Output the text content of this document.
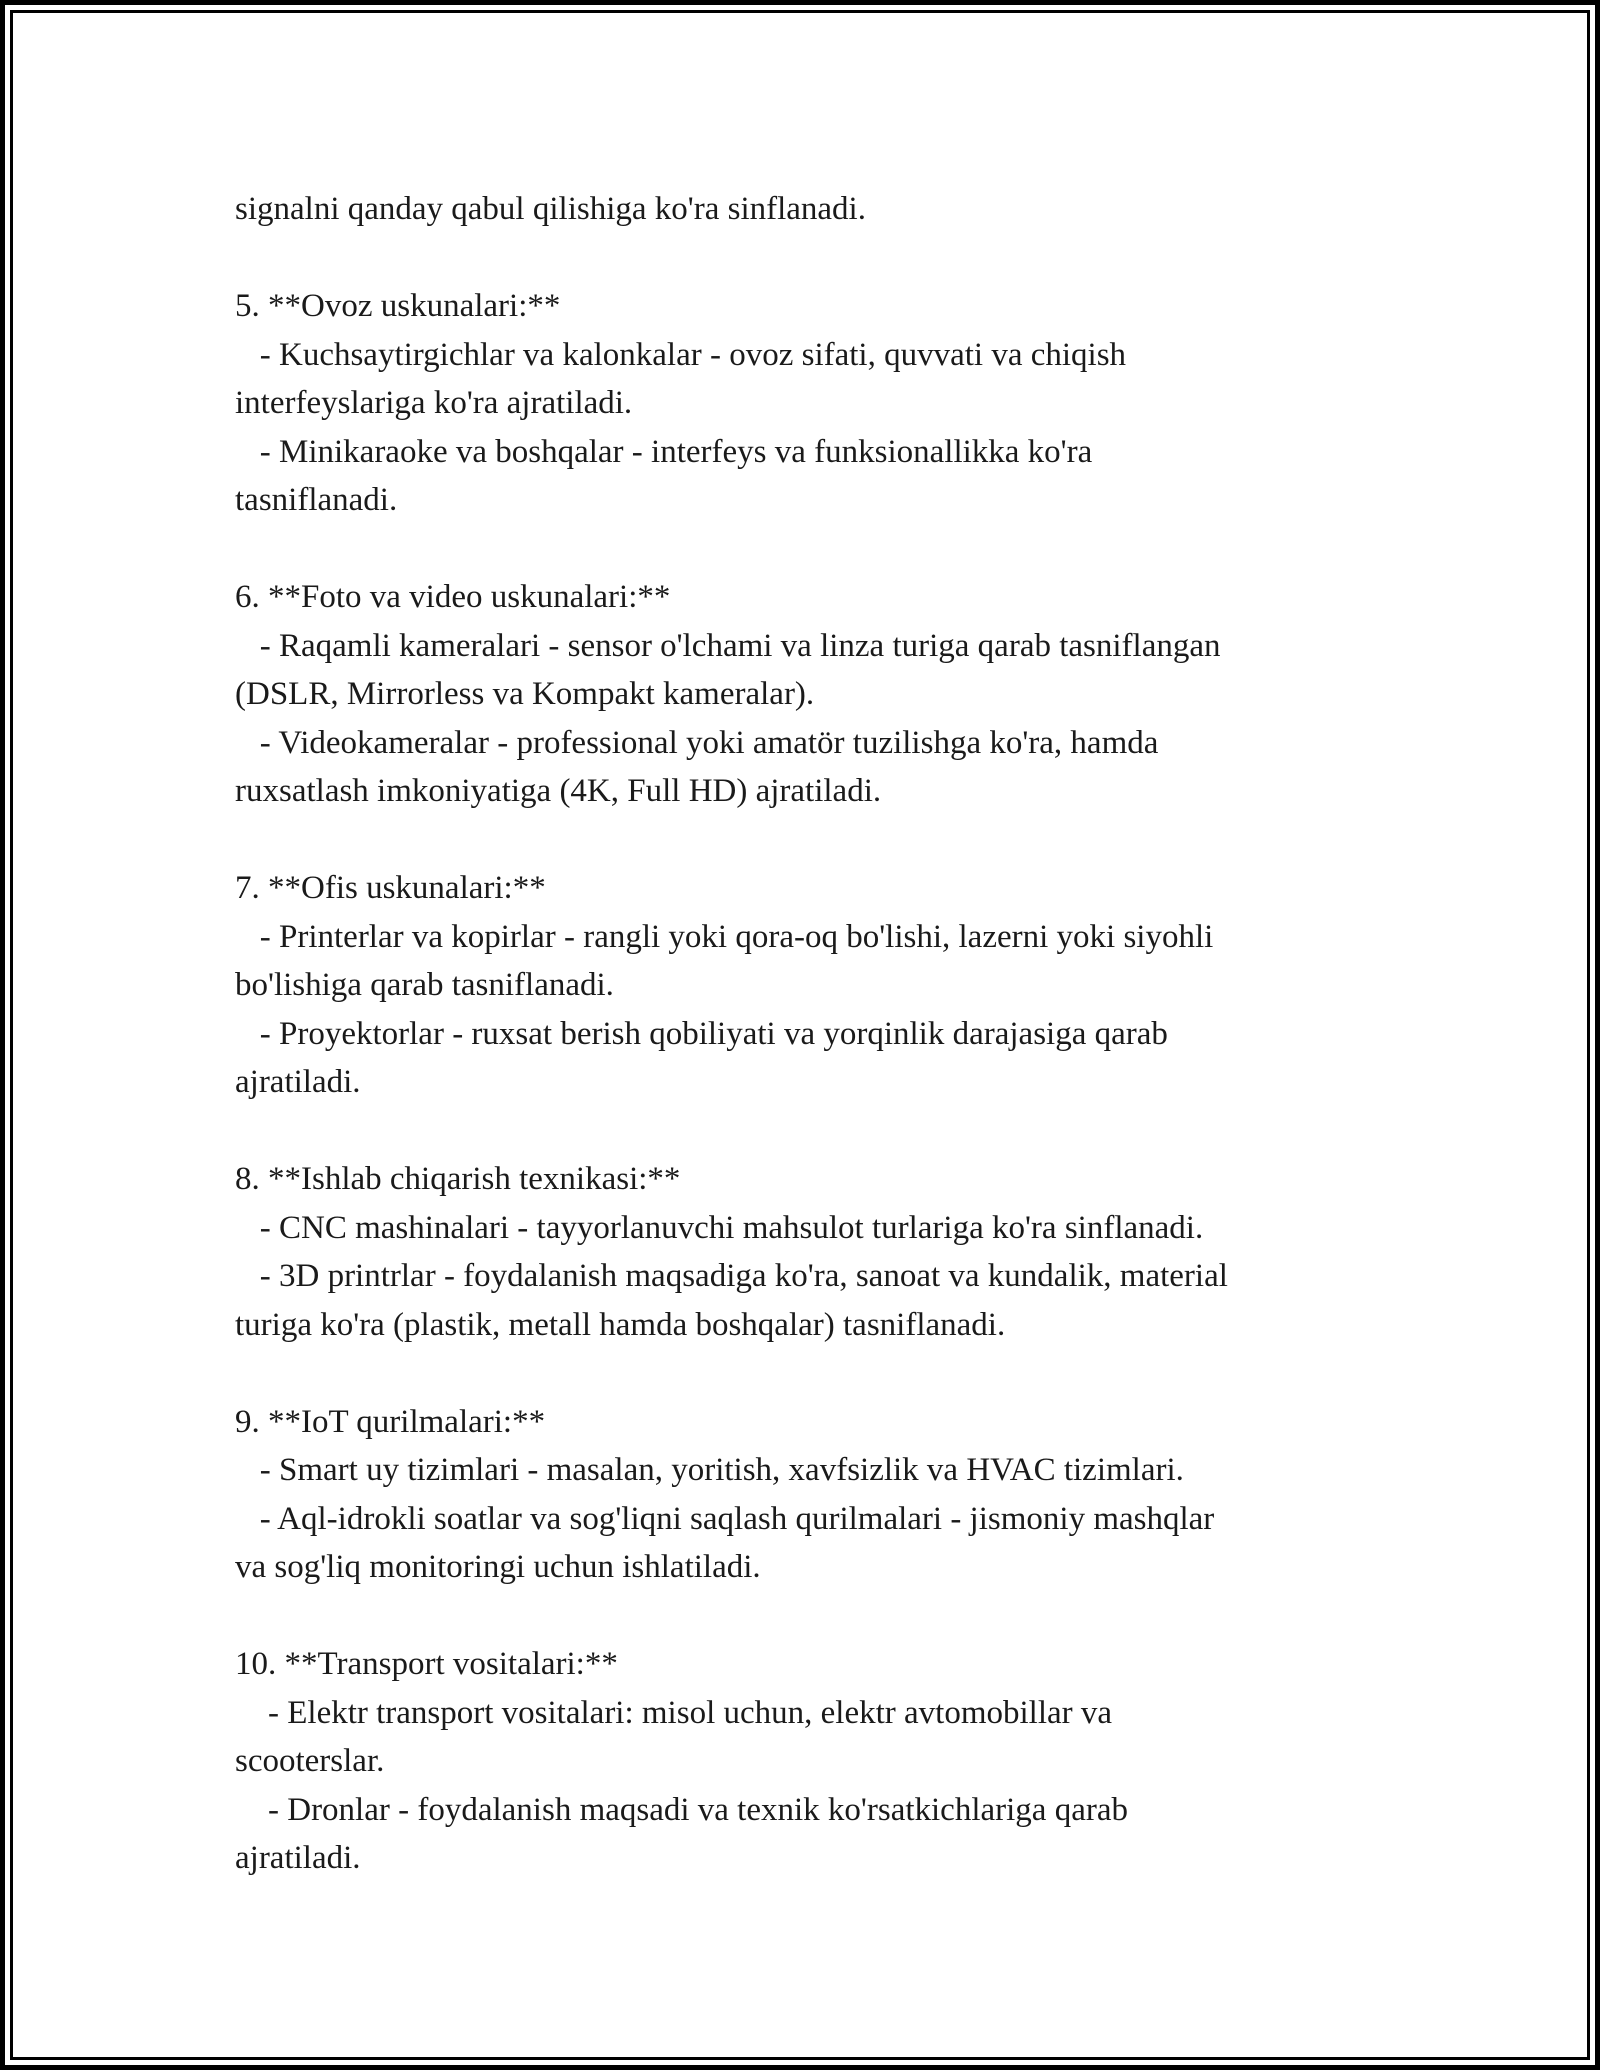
signalni qanday qabul qilishiga ko'ra sinflanadi.
5. **Ovoz uskunalari:**
- Kuchsaytirgichlar va kalonkalar - ovoz sifati, quvvati va chiqish
interfeyslariga ko'ra ajratiladi.
- Minikaraoke va boshqalar - interfeys va funksionallikka ko'ra
tasniflanadi.
6. **Foto va video uskunalari:**
- Raqamli kameralari - sensor o'lchami va linza turiga qarab tasniflangan
(DSLR, Mirrorless va Kompakt kameralar).
- Videokameralar - professional yoki amatör tuzilishga ko'ra, hamda
ruxsatlash imkoniyatiga (4K, Full HD) ajratiladi.
7. **Ofis uskunalari:**
- Printerlar va kopirlar - rangli yoki qora-oq bo'lishi, lazerni yoki siyohli
bo'lishiga qarab tasniflanadi.
- Proyektorlar - ruxsat berish qobiliyati va yorqinlik darajasiga qarab
ajratiladi.
8. **Ishlab chiqarish texnikasi:**
- CNC mashinalari - tayyorlanuvchi mahsulot turlariga ko'ra sinflanadi.
- 3D printrlar - foydalanish maqsadiga ko'ra, sanoat va kundalik, material
turiga ko'ra (plastik, metall hamda boshqalar) tasniflanadi.
9. **IoT qurilmalari:**
- Smart uy tizimlari - masalan, yoritish, xavfsizlik va HVAC tizimlari.
- Aql-idrokli soatlar va sog'liqni saqlash qurilmalari - jismoniy mashqlar
va sog'liq monitoringi uchun ishlatiladi.
10. **Transport vositalari:**
- Elektr transport vositalari: misol uchun, elektr avtomobillar va
scooterslar.
- Dronlar - foydalanish maqsadi va texnik ko'rsatkichlariga qarab
ajratiladi.
